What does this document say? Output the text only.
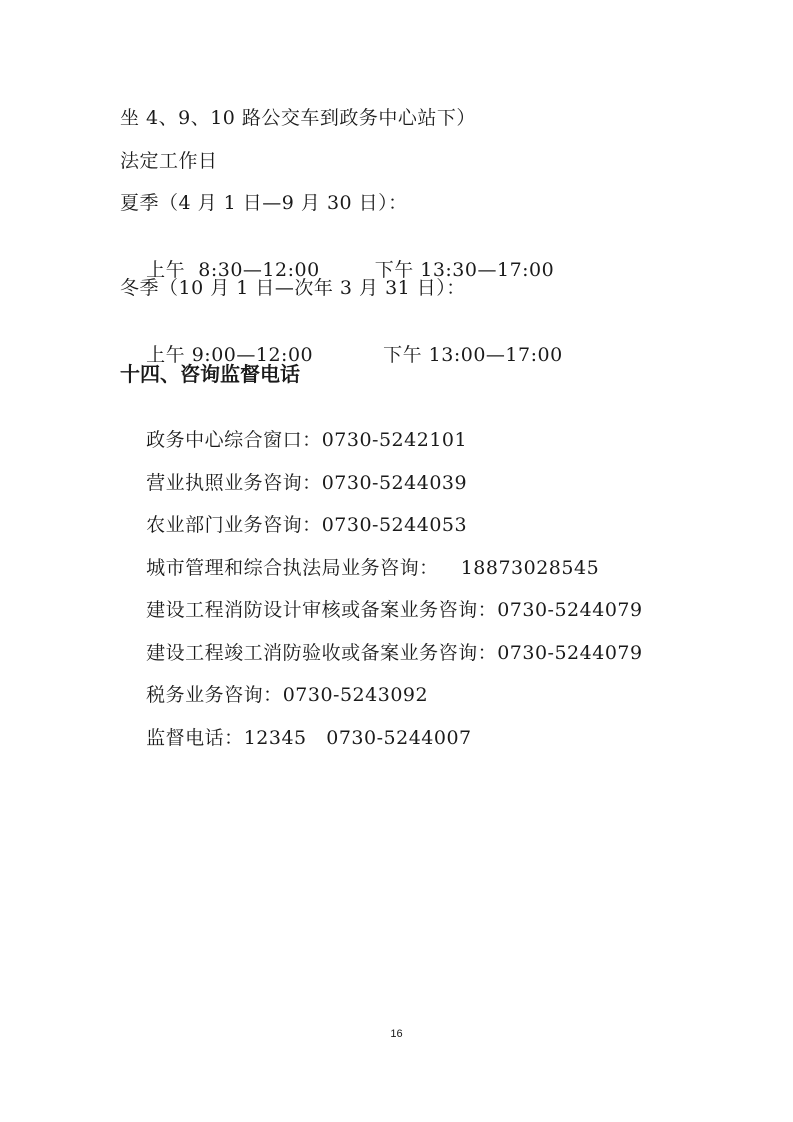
坐 4、9、10 路公交车到政务中心站下）
法定工作日
夏季（4 月 1 日—9 月 30 日）：

上午  8:30—12:00	下午 13:30—17:00

冬季（10 月 1 日—次年 3 月 31 日）：

上午 9:00—12:00	下午 13:00—17:00

十四、咨询监督电话

政务中心综合窗口：0730-5242101

营业执照业务咨询：0730-5244039

农业部门业务咨询：0730-5244053

城市管理和综合执法局业务咨询： 18873028545

建设工程消防设计审核或备案业务咨询：0730-5244079

建设工程竣工消防验收或备案业务咨询：0730-5244079

税务业务咨询：0730-5243092

监督电话：12345   0730-5244007

16
